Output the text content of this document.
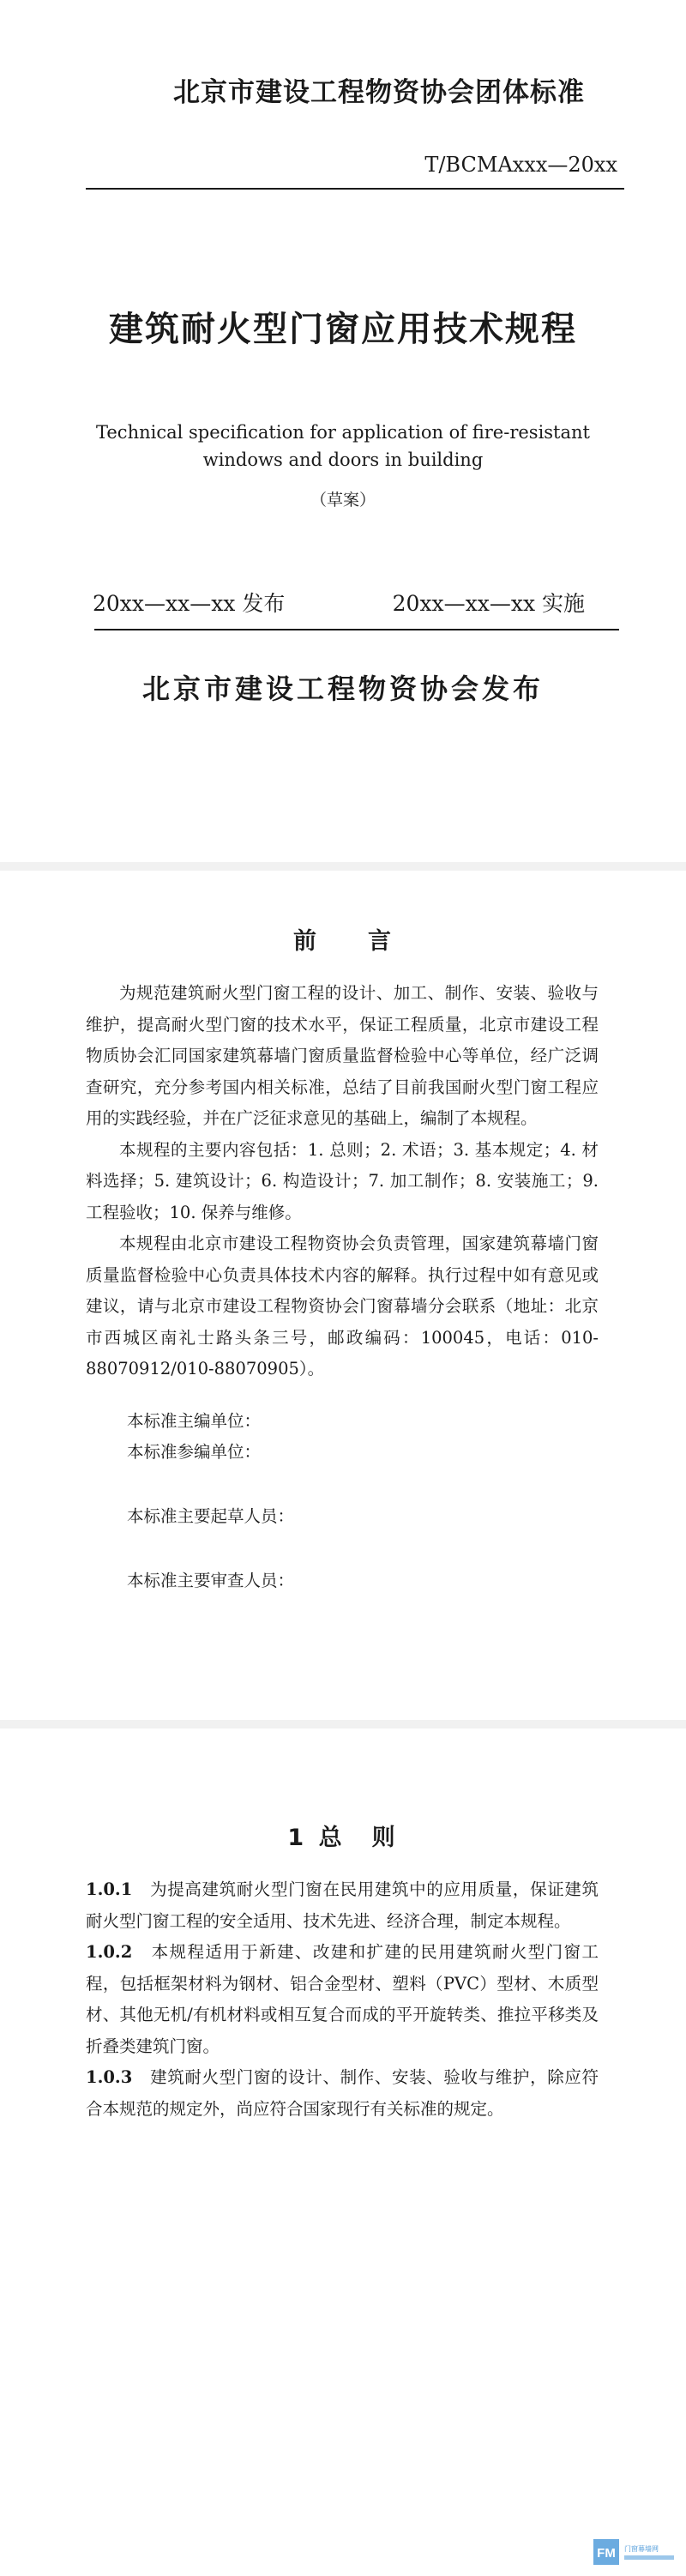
北京市建设工程物资协会团体标准
T/BCMAxxx—20xx
建筑耐火型门窗应用技术规程
Technical specification for application of fire-resistant
windows and doors in building
（草案）
20xx—xx—xx 发布	20xx—xx—xx 实施
北京市建设工程物资协会发布
前　　言

为规范建筑耐火型门窗工程的设计、加工、制作、安装、验收与维护，提高耐火型门窗的技术水平，保证工程质量，北京市建设工程物质协会汇同国家建筑幕墙门窗质量监督检验中心等单位，经广泛调查研究，充分参考国内相关标准，总结了目前我国耐火型门窗工程应用的实践经验，并在广泛征求意见的基础上，编制了本规程。

本规程的主要内容包括：1. 总则；2. 术语；3. 基本规定；4. 材料选择；5. 建筑设计；6. 构造设计；7. 加工制作；8. 安装施工；9. 工程验收；10. 保养与维修。

本规程由北京市建设工程物资协会负责管理，国家建筑幕墙门窗质量监督检验中心负责具体技术内容的解释。执行过程中如有意见或建议，请与北京市建设工程物资协会门窗幕墙分会联系（地址：北京市西城区南礼士路头条三号，邮政编码：100045，电话：010-88070912/010-88070905）。

本标准主编单位：
本标准参编单位：
本标准主要起草人员：
本标准主要审查人员：
1 总　则

1.0.1　 为提高建筑耐火型门窗在民用建筑中的应用质量，保证建筑耐火型门窗工程的安全适用、技术先进、经济合理，制定本规程。

1.0.2　 本规程适用于新建、改建和扩建的民用建筑耐火型门窗工程，包括框架材料为钢材、铝合金型材、塑料（PVC）型材、木质型材、其他无机/有机材料或相互复合而成的平开旋转类、推拉平移类及折叠类建筑门窗。

1.0.3　 建筑耐火型门窗的设计、制作、安装、验收与维护，除应符合本规范的规定外，尚应符合国家现行有关标准的规定。

FM 门窗幕墙网
